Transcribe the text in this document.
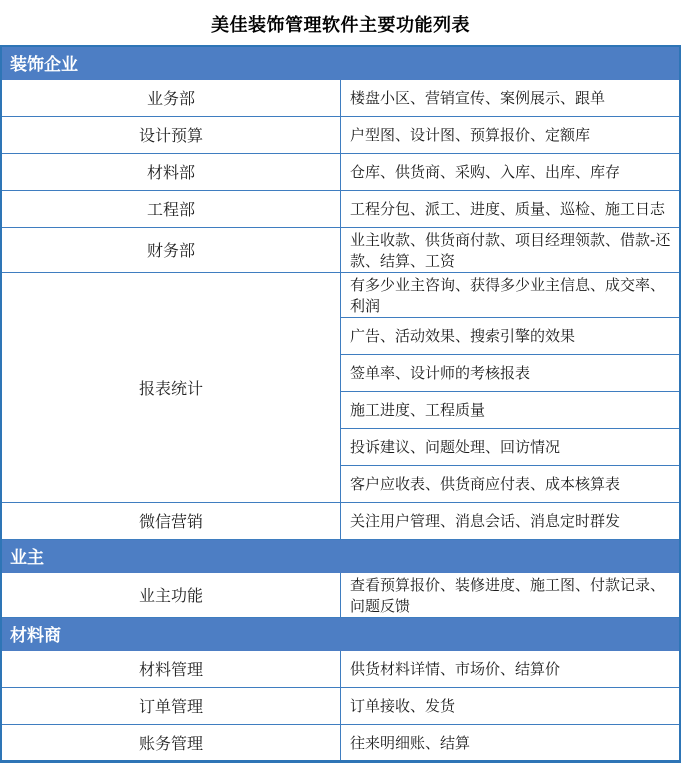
美佳装饰管理软件主要功能列表
装饰企业	
业务部	楼盘小区、营销宣传、案例展示、跟单
设计预算	户型图、设计图、预算报价、定额库
材料部	仓库、供货商、采购、入库、出库、库存
工程部	工程分包、派工、进度、质量、巡检、施工日志
财务部	业主收款、供货商付款、项目经理领款、借款-还款、结算、工资
报表统计	有多少业主咨询、获得多少业主信息、成交率、利润
	广告、活动效果、搜索引擎的效果
	签单率、设计师的考核报表
	施工进度、工程质量
	投诉建议、问题处理、回访情况
	客户应收表、供货商应付表、成本核算表
微信营销	关注用户管理、消息会话、消息定时群发
业主	
业主功能	查看预算报价、装修进度、施工图、付款记录、问题反馈
材料商	
材料管理	供货材料详情、市场价、结算价
订单管理	订单接收、发货
账务管理	往来明细账、结算
